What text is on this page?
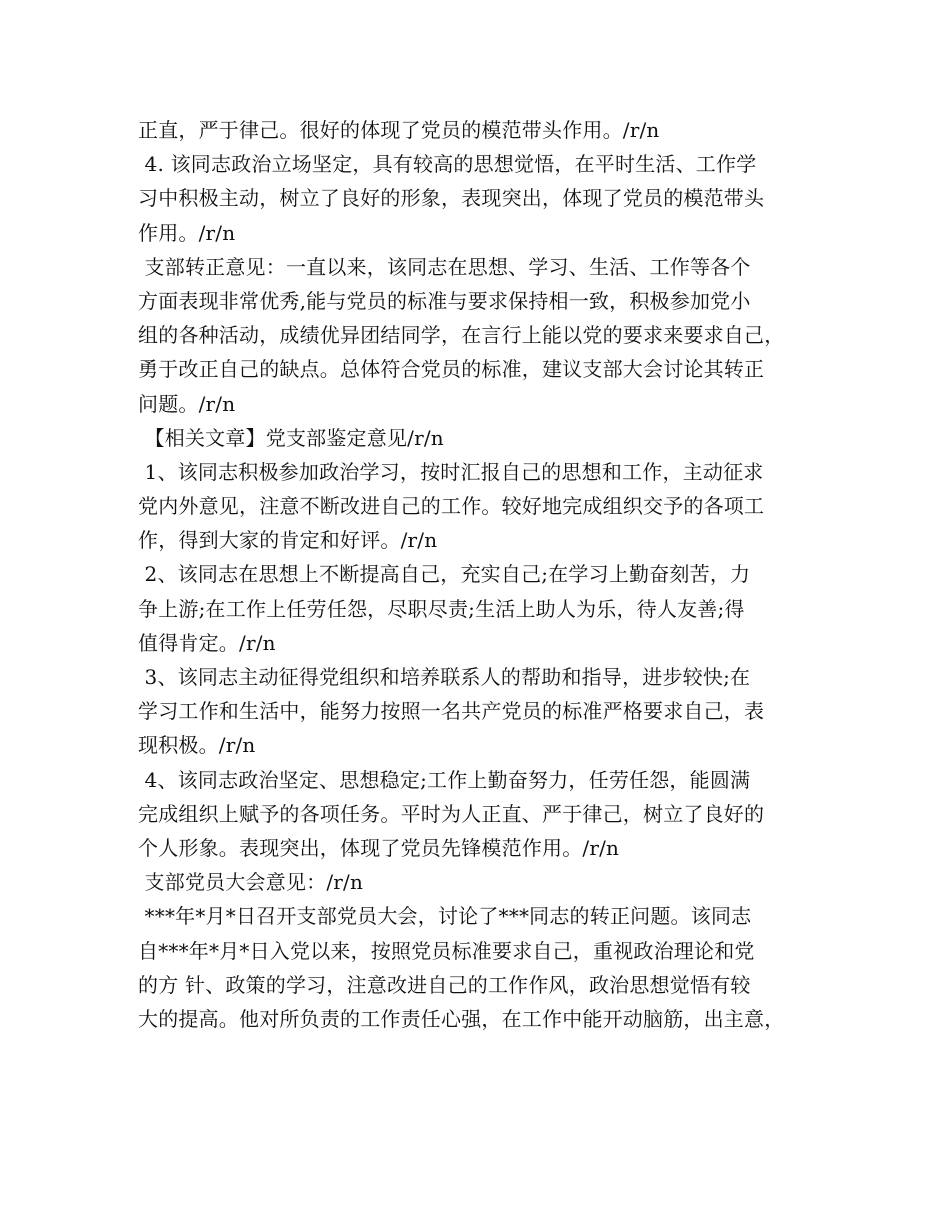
正直，严于律己。很好的体现了党员的模范带头作用。/r/n

4. 该同志政治立场坚定，具有较高的思想觉悟，在平时生活、工作学

习中积极主动，树立了良好的形象，表现突出，体现了党员的模范带头

作用。/r/n

支部转正意见：一直以来，该同志在思想、学习、生活、工作等各个

方面表现非常优秀,能与党员的标准与要求保持相一致，积极参加党小

组的各种活动，成绩优异团结同学，在言行上能以党的要求来要求自己，

勇于改正自己的缺点。总体符合党员的标准，建议支部大会讨论其转正

问题。/r/n

【相关文章】党支部鉴定意见/r/n

1、该同志积极参加政治学习，按时汇报自己的思想和工作，主动征求

党内外意见，注意不断改进自己的工作。较好地完成组织交予的各项工

作，得到大家的肯定和好评。/r/n

2、该同志在思想上不断提高自己，充实自己;在学习上勤奋刻苦，力

争上游;在工作上任劳任怨，尽职尽责;生活上助人为乐，待人友善;得

值得肯定。/r/n

3、该同志主动征得党组织和培养联系人的帮助和指导，进步较快;在

学习工作和生活中，能努力按照一名共产党员的标准严格要求自己，表

现积极。/r/n

4、该同志政治坚定、思想稳定;工作上勤奋努力，任劳任怨，能圆满

完成组织上赋予的各项任务。平时为人正直、严于律己，树立了良好的

个人形象。表现突出，体现了党员先锋模范作用。/r/n

支部党员大会意见：/r/n

***年*月*日召开支部党员大会，讨论了***同志的转正问题。该同志

自***年*月*日入党以来，按照党员标准要求自己，重视政治理论和党

的方 针、政策的学习，注意改进自己的工作作风，政治思想觉悟有较

大的提高。他对所负责的工作责任心强，在工作中能开动脑筋，出主意，
